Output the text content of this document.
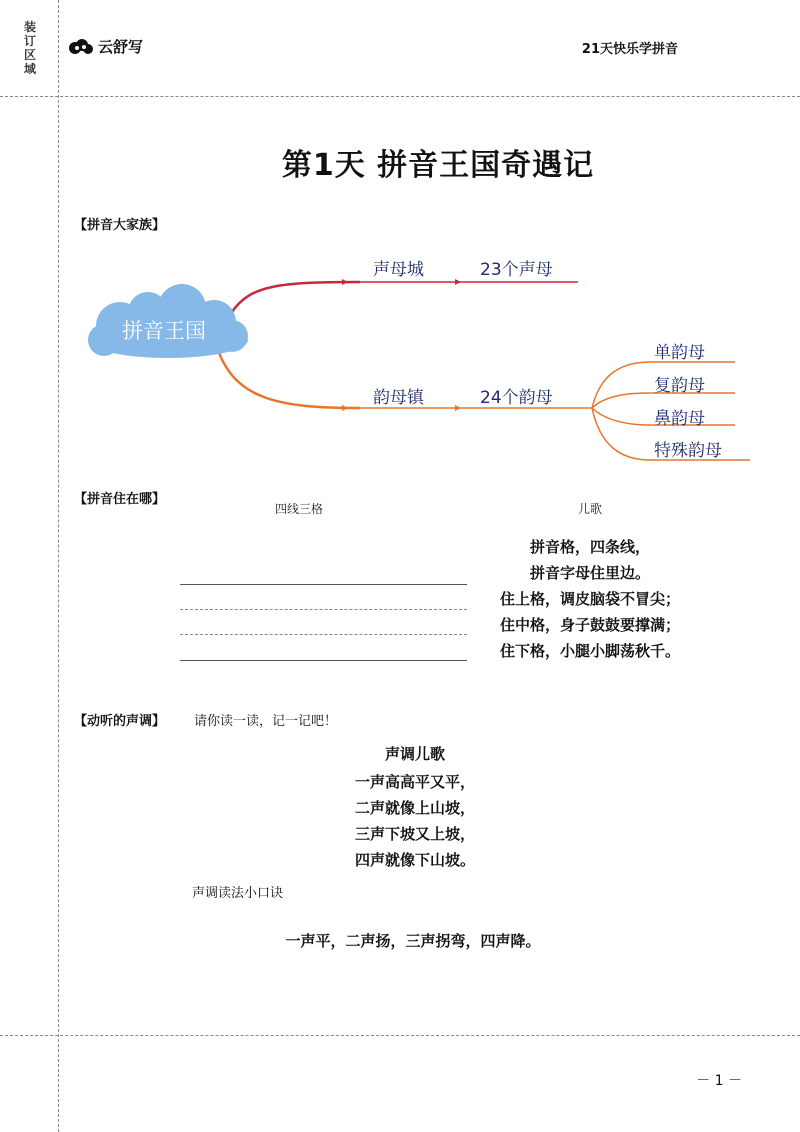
装订区域
云舒写	21天快乐学拼音
第1天 拼音王国奇遇记
【拼音大家族】
拼音王国
声母城	23个声母
韵母镇	24个韵母
单韵母
复韵母
鼻韵母
特殊韵母
【拼音住在哪】
四线三格	儿歌
拼音格，四条线，
拼音字母住里边。
住上格，调皮脑袋不冒尖；
住中格，身子鼓鼓要撑满；
住下格，小腿小脚荡秋千。
【动听的声调】 请你读一读，记一记吧！
声调儿歌
一声高高平又平，
二声就像上山坡，
三声下坡又上坡，
四声就像下山坡。
声调读法小口诀
一声平，二声扬，三声拐弯，四声降。
－ 1 －
